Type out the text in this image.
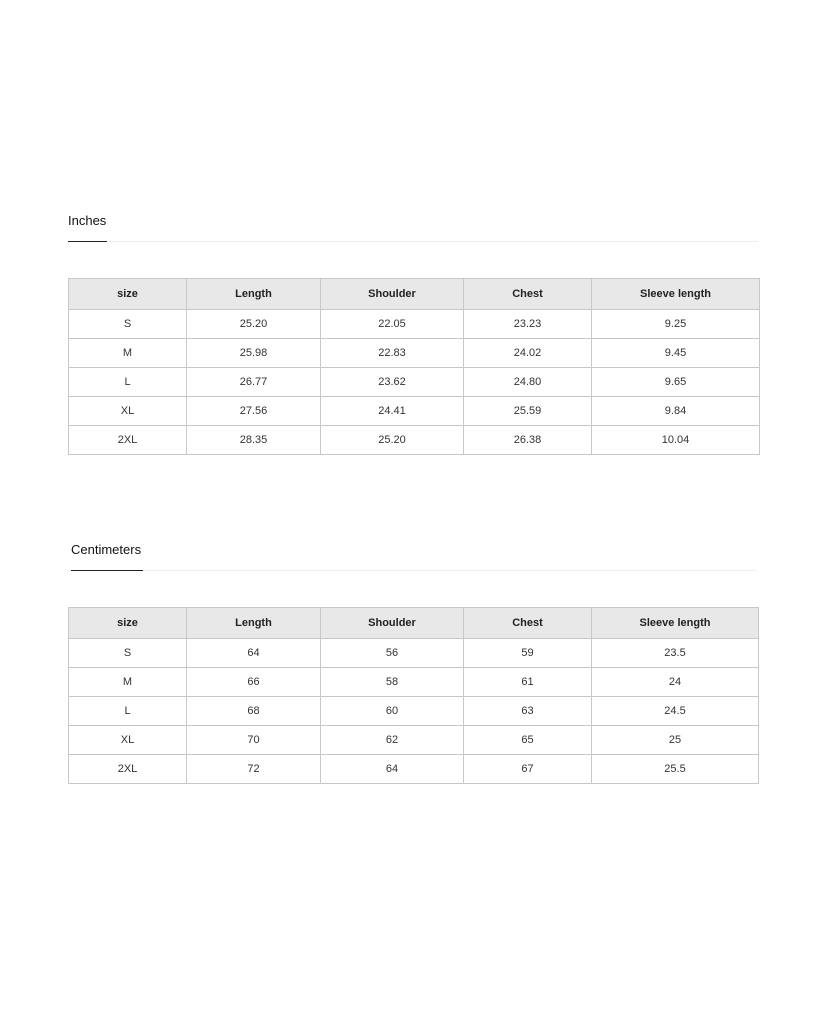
Inches
size	Length	Shoulder	Chest	Sleeve length
S	25.20	22.05	23.23	9.25
M	25.98	22.83	24.02	9.45
L	26.77	23.62	24.80	9.65
XL	27.56	24.41	25.59	9.84
2XL	28.35	25.20	26.38	10.04
Centimeters
size	Length	Shoulder	Chest	Sleeve length
S	64	56	59	23.5
M	66	58	61	24
L	68	60	63	24.5
XL	70	62	65	25
2XL	72	64	67	25.5
